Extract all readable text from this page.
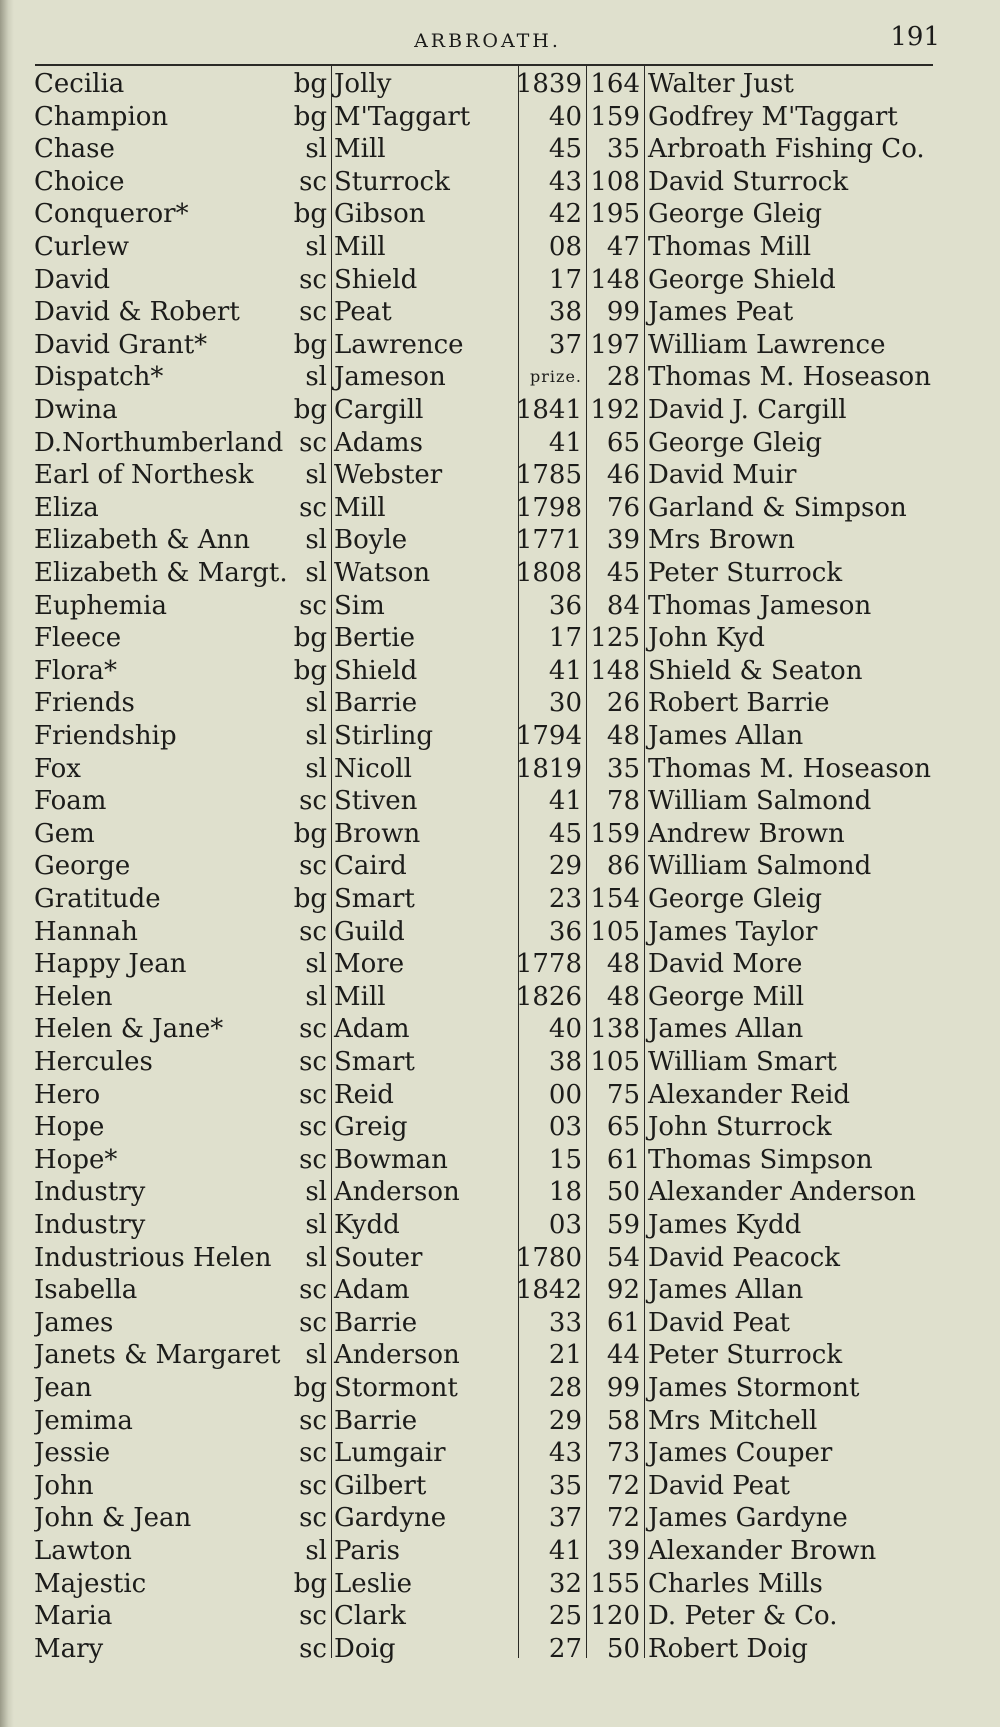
ARBROATH.	191
Cecilia	bg Jolly	1839 164 Walter Just
Champion	bg M'Taggart	40 159 Godfrey M'Taggart
Chase	sl Mill	45 35 Arbroath Fishing Co.
Choice	sc Sturrock	43 108 David Sturrock
Conqueror*	bg Gibson	42 195 George Gleig
Curlew	sl Mill	08 47 Thomas Mill
David	sc Shield	17 148 George Shield
David & Robert	sc Peat	38 99 James Peat
David Grant*	bg Lawrence	37 197 William Lawrence
Dispatch*	sl Jameson	prize. 28 Thomas M. Hoseason
Dwina	bg Cargill	1841 192 David J. Cargill
D.Northumberland sc Adams	41 65 George Gleig
Earl of Northesk	sl Webster	1785 46 David Muir
Eliza	sc Mill	1798 76 Garland & Simpson
Elizabeth & Ann	sl Boyle	1771 39 Mrs Brown
Elizabeth & Margt. sl Watson	1808 45 Peter Sturrock
Euphemia	sc Sim	36 84 Thomas Jameson
Fleece	bg Bertie	17 125 John Kyd
Flora*	bg Shield	41 148 Shield & Seaton
Friends	sl Barrie	30 26 Robert Barrie
Friendship	sl Stirling	1794 48 James Allan
Fox	sl Nicoll	1819 35 Thomas M. Hoseason
Foam	sc Stiven	41 78 William Salmond
Gem	bg Brown	45 159 Andrew Brown
George	sc Caird	29 86 William Salmond
Gratitude	bg Smart	23 154 George Gleig
Hannah	sc Guild	36 105 James Taylor
Happy Jean	sl More	1778 48 David More
Helen	sl Mill	1826 48 George Mill
Helen & Jane*	sc Adam	40 138 James Allan
Hercules	sc Smart	38 105 William Smart
Hero	sc Reid	00 75 Alexander Reid
Hope	sc Greig	03 65 John Sturrock
Hope*	sc Bowman	15 61 Thomas Simpson
Industry	sl Anderson	18 50 Alexander Anderson
Industry	sl Kydd	03 59 James Kydd
Industrious Helen	sl Souter	1780 54 David Peacock
Isabella	sc Adam	1842 92 James Allan
James	sc Barrie	33 61 David Peat
Janets & Margaret sl Anderson	21 44 Peter Sturrock
Jean	bg Stormont	28 99 James Stormont
Jemima	sc Barrie	29 58 Mrs Mitchell
Jessie	sc Lumgair	43 73 James Couper
John	sc Gilbert	35 72 David Peat
John & Jean	sc Gardyne	37 72 James Gardyne
Lawton	sl Paris	41 39 Alexander Brown
Majestic	bg Leslie	32 155 Charles Mills
Maria	sc Clark	25 120 D. Peter & Co.
Mary	sc Doig	27 50 Robert Doig
